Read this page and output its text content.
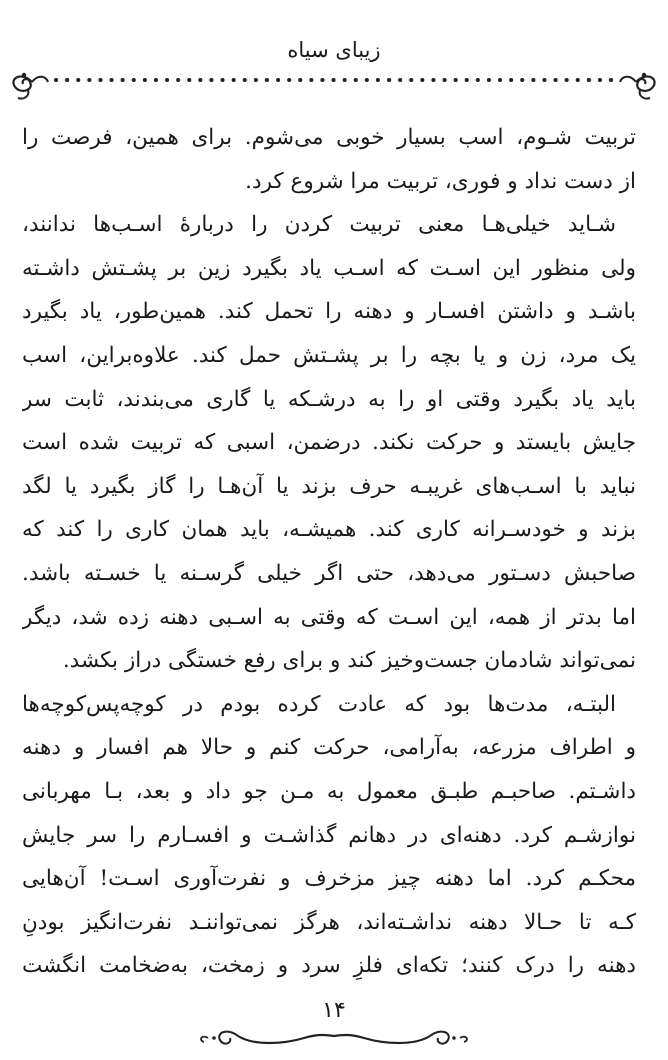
زیبای سیاه
تربیت شـوم، اسب بسیار خوبی می‌شوم. برای همین، فرصت را
از دست نداد و فوری، تربیت مرا شروع کرد.
شـاید خیلی‌هـا معنی تربیت کردن را دربارهٔ اسـب‌ها ندانند،
ولی منظور این اسـت که اسـب یاد بگیرد زین بر پشـتش داشـته
باشـد و داشتن افسـار و دهنه را تحمل کند. همین‌طور، یاد بگیرد
یک مرد، زن و یا بچه را بر پشـتش حمل کند. علاوه‌براین، اسب
باید یاد بگیرد وقتی او را به درشـکه یا گاری می‌بندند، ثابت سر
جایش بایستد و حرکت نکند. درضمن، اسبی که تربیت شده است
نباید با اسـب‌های غریبـه حرف بزند یا آن‌هـا را گاز بگیرد یا لگد
بزند و خودسـرانه کاری کند. همیشـه، باید همان کاری را کند که
صاحبش دسـتور می‌دهد، حتی اگر خیلی گرسـنه یا خسـته باشد.
اما بدتر از همه، این اسـت که وقتی به اسـبی دهنه زده شد، دیگر
نمی‌تواند شادمان جست‌وخیز کند و برای رفع خستگی دراز بکشد.
البتـه، مدت‌ها بود که عادت کرده بودم در کوچه‌پس‌کوچه‌ها
و اطراف مزرعه، به‌آرامی، حرکت کنم و حالا هم افسار و دهنه
داشـتم. صاحبـم طبـق معمول به مـن جو داد و بعد، بـا مهربانی
نوازشـم کرد. دهنه‌ای در دهانم گذاشـت و افسـارم را سر جایش
محکـم کرد. اما دهنه چیز مزخرف و نفرت‌آوری اسـت! آن‌هایی
کـه تا حـالا دهنه نداشـته‌اند، هرگز نمی‌تواننـد نفرت‌انگیز بودنِ
دهنه را درک کنند؛ تکه‌ای فلزِ سرد و زمخت، به‌ضخامت انگشت
۱۴
